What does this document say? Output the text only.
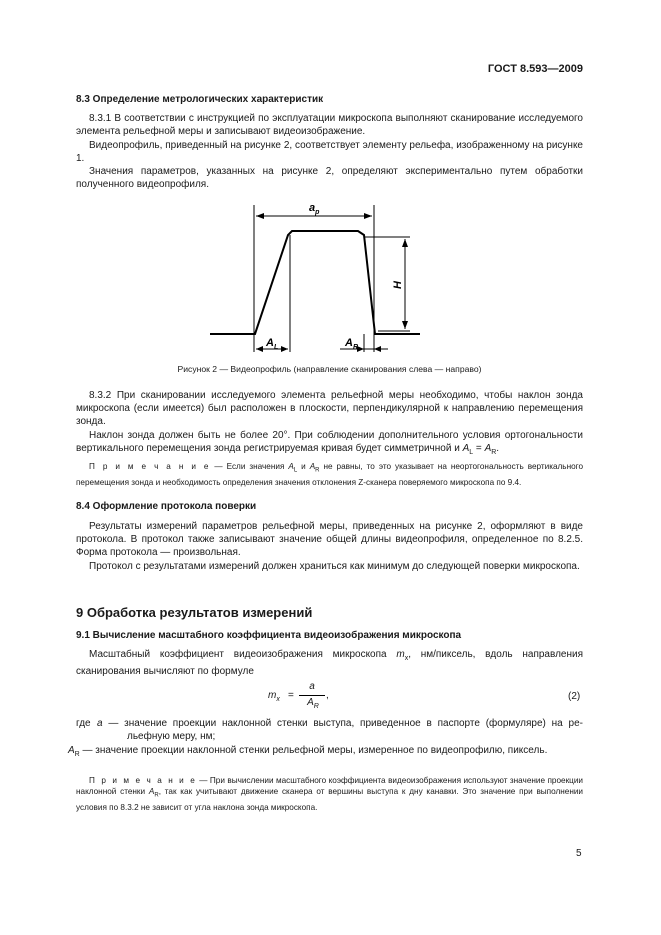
ГОСТ 8.593—2009
8.3 Определение метрологических характеристик
8.3.1 В соответствии с инструкцией по эксплуатации микроскопа выполняют сканирование исследуемого элемента рельефной меры и записывают видеоизображение.
Видеопрофиль, приведенный на рисунке 2, соответствует элементу рельефа, изображенному на рисунке 1.
Значения параметров, указанных на рисунке 2, определяют экспериментально путем обработки полученного видеопрофиля.
$a_p$
H
$A_L$	$A_R$
Рисунок 2 — Видеопрофиль (направление сканирования слева — направо)
8.3.2 При сканировании исследуемого элемента рельефной меры необходимо, чтобы наклон зонда микроскопа (если имеется) был расположен в плоскости, перпендикулярной к направлению перемещения зонда.
Наклон зонда должен быть не более 20°. При соблюдении дополнительного условия ортогональности вертикального перемещения зонда регистрируемая кривая будет симметричной и $A_L = A_R$.
П р и м е ч а н и е — Если значения $A_L$ и $A_R$ не равны, то это указывает на неортогональность вертикального перемещения зонда и необходимость определения значения отклонения Z-сканера поверяемого микроскопа по 9.4.
8.4 Оформление протокола поверки
Результаты измерений параметров рельефной меры, приведенных на рисунке 2, оформляют в виде протокола. В протокол также записывают значение общей длины видеопрофиля, определенное по 8.2.5. Форма протокола — произвольная.
Протокол с результатами измерений должен храниться как минимум до следующей поверки микроскопа.
9 Обработка результатов измерений
9.1 Вычисление масштабного коэффициента видеоизображения микроскопа
Масштабный коэффициент видеоизображения микроскопа $m_x$, нм/пиксель, вдоль направления сканирования вычисляют по формуле
$m_x$ =
a
$A_R$
,	(2)
где a — значение проекции наклонной стенки выступа, приведенное в паспорте (формуляре) на рельефную меру, нм;
$A_R$ — значение проекции наклонной стенки рельефной меры, измеренное по видеопрофилю, пиксель.
П р и м е ч а н и е — При вычислении масштабного коэффициента видеоизображения используют значение проекции наклонной стенки $A_R$, так как учитывают движение сканера от вершины выступа к дну канавки. Это значение при выполнении условия по 8.3.2 не зависит от угла наклона зонда микроскопа.
5
